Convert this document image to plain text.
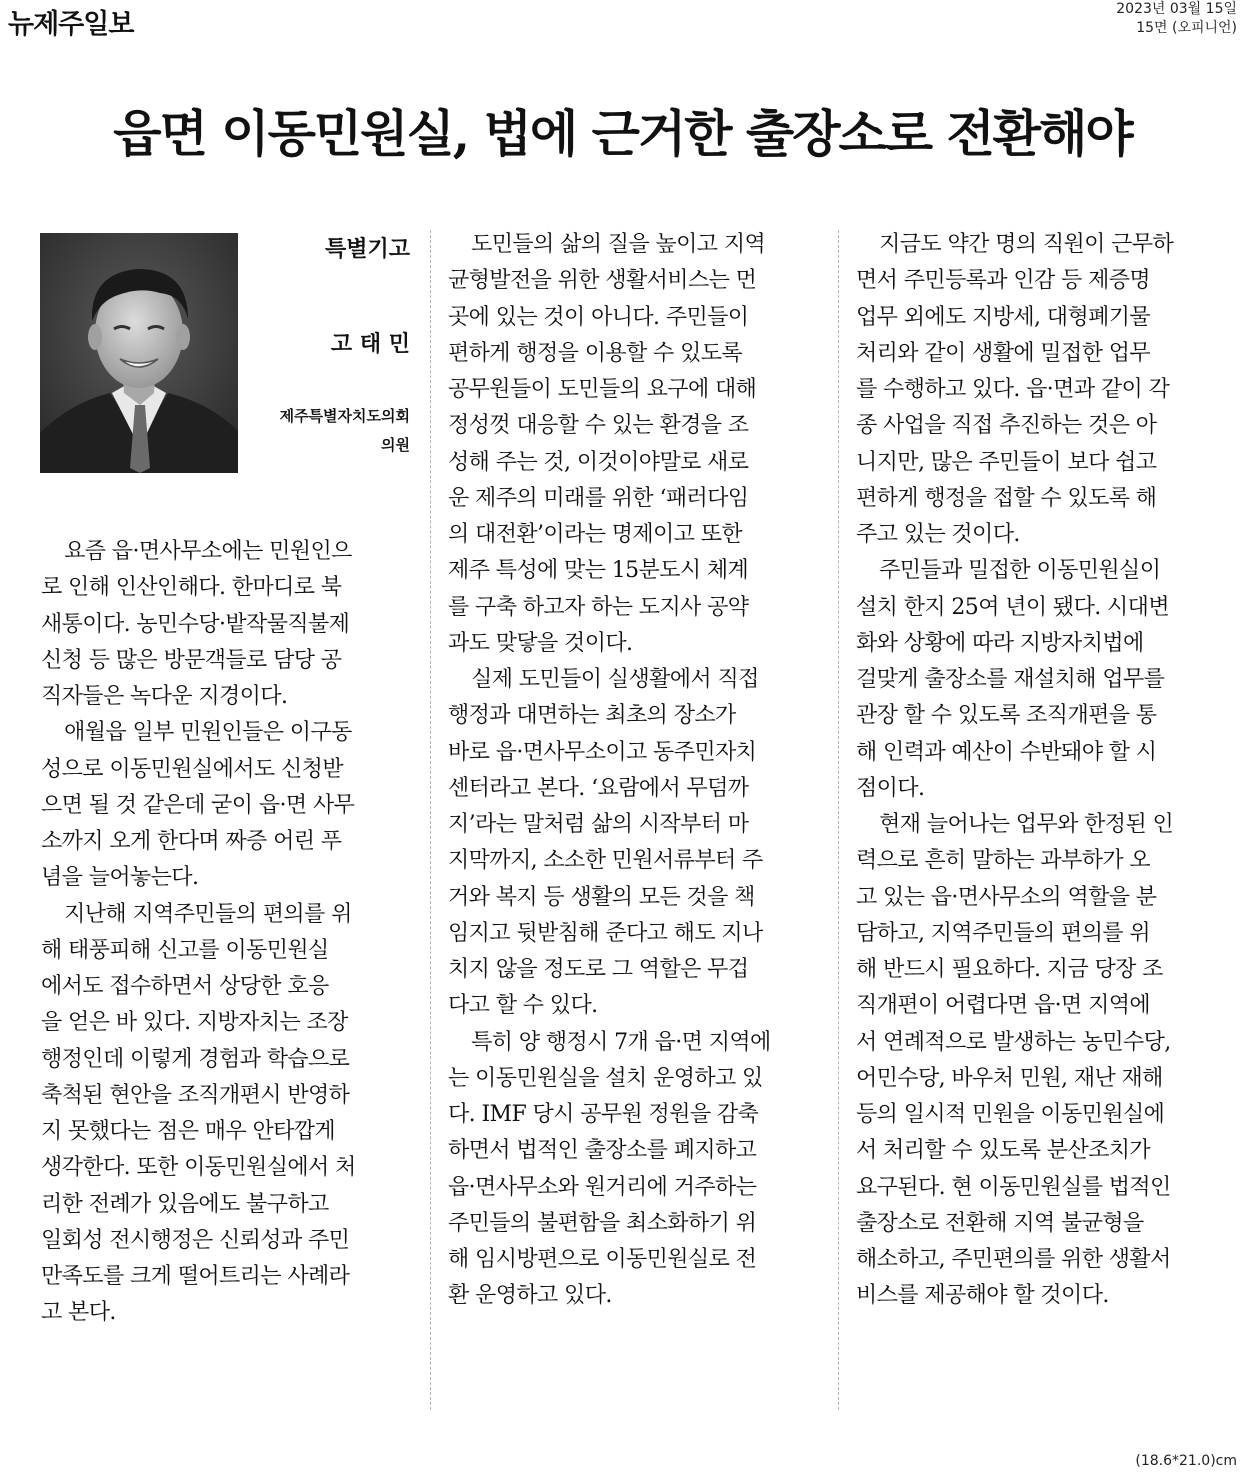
뉴제주일보	2023년 03월 15일
15면 (오피니언)
읍면 이동민원실, 법에 근거한 출장소로 전환해야
특별기고
고 태 민
제주특별자치도의회
의원

요즘 읍·면사무소에는 민원인으
로 인해 인산인해다. 한마디로 북
새통이다. 농민수당·밭작물직불제
신청 등 많은 방문객들로 담당 공
직자들은 녹다운 지경이다.

애월읍 일부 민원인들은 이구동
성으로 이동민원실에서도 신청받
으면 될 것 같은데 굳이 읍·면 사무
소까지 오게 한다며 짜증 어린 푸
념을 늘어놓는다.

지난해 지역주민들의 편의를 위
해 태풍피해 신고를 이동민원실
에서도 접수하면서 상당한 호응
을 얻은 바 있다. 지방자치는 조장
행정인데 이렇게 경험과 학습으로
축척된 현안을 조직개편시 반영하
지 못했다는 점은 매우 안타깝게
생각한다. 또한 이동민원실에서 처
리한 전례가 있음에도 불구하고
일회성 전시행정은 신뢰성과 주민
만족도를 크게 떨어트리는 사례라
고 본다.

도민들의 삶의 질을 높이고 지역
균형발전을 위한 생활서비스는 먼
곳에 있는 것이 아니다. 주민들이
편하게 행정을 이용할 수 있도록
공무원들이 도민들의 요구에 대해
정성껏 대응할 수 있는 환경을 조
성해 주는 것, 이것이야말로 새로
운 제주의 미래를 위한 ‘패러다임
의 대전환’이라는 명제이고 또한
제주 특성에 맞는 15분도시 체계
를 구축 하고자 하는 도지사 공약
과도 맞닿을 것이다.

실제 도민들이 실생활에서 직접
행정과 대면하는 최초의 장소가
바로 읍·면사무소이고 동주민자치
센터라고 본다. ‘요람에서 무덤까
지’라는 말처럼 삶의 시작부터 마
지막까지, 소소한 민원서류부터 주
거와 복지 등 생활의 모든 것을 책
임지고 뒷받침해 준다고 해도 지나
치지 않을 정도로 그 역할은 무겁
다고 할 수 있다.

특히 양 행정시 7개 읍·면 지역에
는 이동민원실을 설치 운영하고 있
다. IMF 당시 공무원 정원을 감축
하면서 법적인 출장소를 폐지하고
읍·면사무소와 원거리에 거주하는
주민들의 불편함을 최소화하기 위
해 임시방편으로 이동민원실로 전
환 운영하고 있다.

지금도 약간 명의 직원이 근무하
면서 주민등록과 인감 등 제증명
업무 외에도 지방세, 대형폐기물
처리와 같이 생활에 밀접한 업무
를 수행하고 있다. 읍·면과 같이 각
종 사업을 직접 추진하는 것은 아
니지만, 많은 주민들이 보다 쉽고
편하게 행정을 접할 수 있도록 해
주고 있는 것이다.

주민들과 밀접한 이동민원실이
설치 한지 25여 년이 됐다. 시대변
화와 상황에 따라 지방자치법에
걸맞게 출장소를 재설치해 업무를
관장 할 수 있도록 조직개편을 통
해 인력과 예산이 수반돼야 할 시
점이다.

현재 늘어나는 업무와 한정된 인
력으로 흔히 말하는 과부하가 오
고 있는 읍·면사무소의 역할을 분
담하고, 지역주민들의 편의를 위
해 반드시 필요하다. 지금 당장 조
직개편이 어렵다면 읍·면 지역에
서 연례적으로 발생하는 농민수당,
어민수당, 바우처 민원, 재난 재해
등의 일시적 민원을 이동민원실에
서 처리할 수 있도록 분산조치가
요구된다. 현 이동민원실를 법적인
출장소로 전환해 지역 불균형을
해소하고, 주민편의를 위한 생활서
비스를 제공해야 할 것이다.

(18.6*21.0)cm
